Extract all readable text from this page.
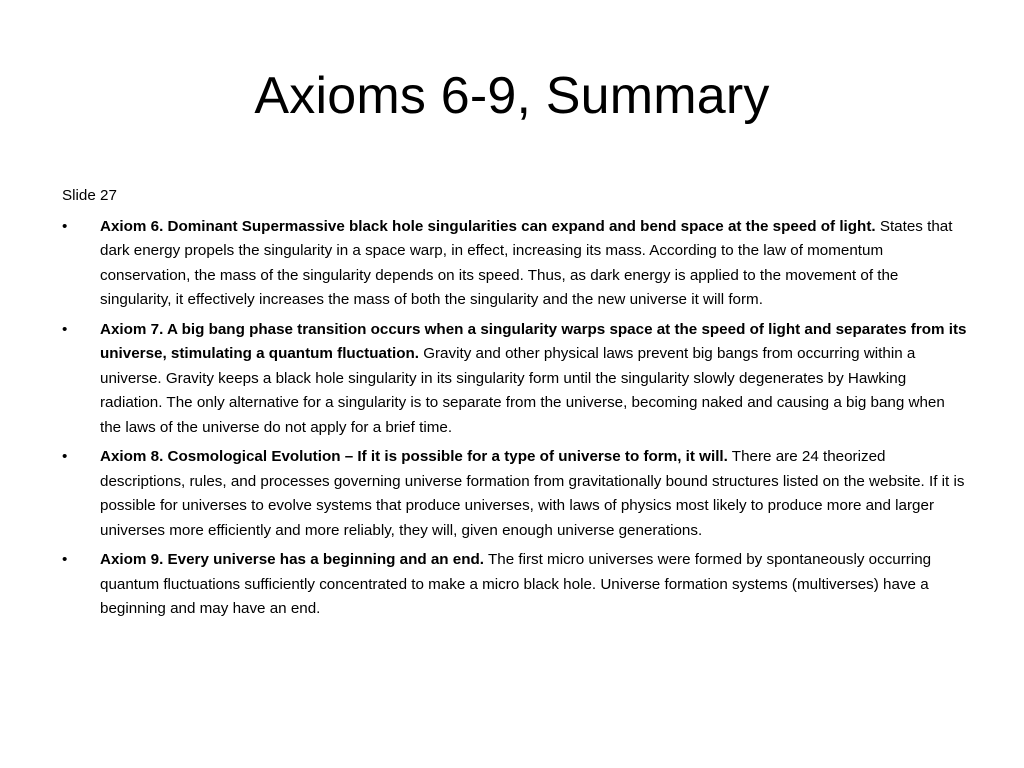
Axioms 6-9, Summary

Slide 27

•	Axiom 6. Dominant Supermassive black hole singularities can expand and bend space at the speed of light. States that dark energy propels the singularity in a space warp, in effect, increasing its mass. According to the law of momentum conservation, the mass of the singularity depends on its speed. Thus, as dark energy is applied to the movement of the singularity, it effectively increases the mass of both the singularity and the new universe it will form.
•	Axiom 7. A big bang phase transition occurs when a singularity warps space at the speed of light and separates from its universe, stimulating a quantum fluctuation. Gravity and other physical laws prevent big bangs from occurring within a universe. Gravity keeps a black hole singularity in its singularity form until the singularity slowly degenerates by Hawking radiation. The only alternative for a singularity is to separate from the universe, becoming naked and causing a big bang when the laws of the universe do not apply for a brief time.
•	Axiom 8. Cosmological Evolution – If it is possible for a type of universe to form, it will. There are 24 theorized descriptions, rules, and processes governing universe formation from gravitationally bound structures listed on the website. If it is possible for universes to evolve systems that produce universes, with laws of physics most likely to produce more and larger universes more efficiently and more reliably, they will, given enough universe generations.
•	Axiom 9. Every universe has a beginning and an end. The first micro universes were formed by spontaneously occurring quantum fluctuations sufficiently concentrated to make a micro black hole. Universe formation systems (multiverses) have a beginning and may have an end.
